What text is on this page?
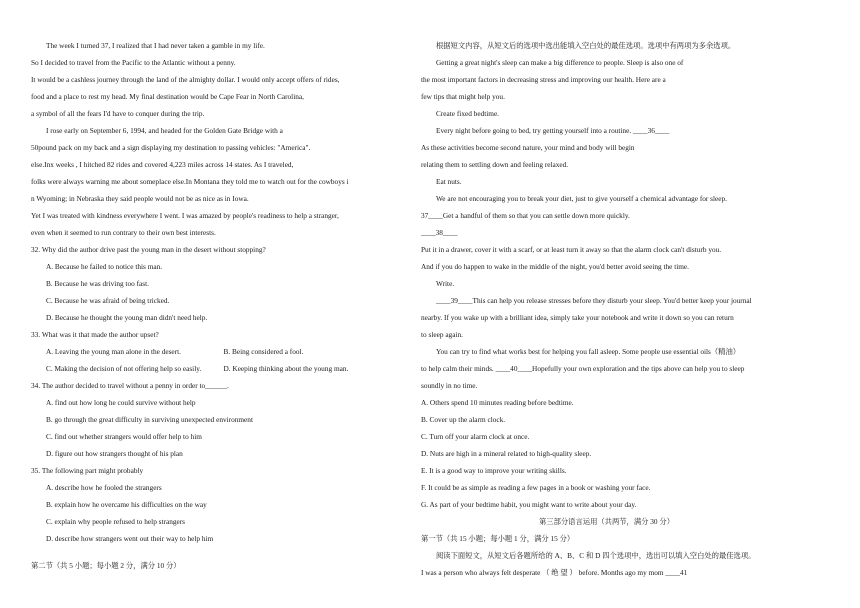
The week I turned 37, I realized that I had never taken a gamble in my life.
So I decided to travel from the Pacific to the Atlantic without a penny.
It would be a cashless journey through the land of the almighty dollar. I would only accept offers of rides,
food and a place to rest my head. My final destination would be Cape Fear in North Carolina,
a symbol of all the fears I'd have to conquer during the trip.
I rose early on September 6, 1994, and headed for the Golden Gate Bridge with a
50pound pack on my back and a sign displaying my destination to passing vehicles: "America".
else.Inx weeks , I hitched 82 rides and covered 4,223 miles across 14 states. As I traveled,
folks were always warning me about someplace else.In Montana they told me to watch out for the cowboys i
n Wyoming; in Nebraska they said people would not be as nice as in Iowa.
Yet I was treated with kindness everywhere I went. I was amazed by people's readiness to help a stranger,
even when it seemed to run contrary to their own best interests.
32. Why did the author drive past the young man in the desert without stopping?
A. Because he failed to notice this man.
B. Because he was driving too fast.
C. Because he was afraid of being tricked.
D. Because he thought the young man didn't need help.
33. What was it that made the author upset?
A. Leaving the young man alone in the desert.	B. Being considered a fool.
C. Making the decision of not offering help so easily.	D. Keeping thinking about the young man.
34. The author decided to travel without a penny in order to______.
A. find out how long he could survive without help
B. go through the great difficulty in surviving unexpected environment
C. find out whether strangers would offer help to him
D. figure out how strangers thought of his plan
35. The following part might probably
A. describe how he fooled the strangers
B. explain how he overcame his difficulties on the way
C. explain why people refused to help strangers
D. describe how strangers went out their way to help him
第二节（共 5 小题；每小题 2 分，满分 10 分）
根据短文内容，从短文后的选项中选出能填入空白处的最佳选项。选项中有两项为多余选项。
Getting a great night's sleep can make a big difference to people. Sleep is also one of
the most important factors in decreasing stress and improving our health. Here are a
few tips that might help you.
Create fixed bedtime.
Every night before going to bed, try getting yourself into a routine. ____36____
As these activities become second nature, your mind and body will begin
relating them to settling down and feeling relaxed.
Eat nuts.
We are not encouraging you to break your diet, just to give yourself a chemical advantage for sleep.
37____Get a handful of them so that you can settle down more quickly.
____38____
Put it in a drawer, cover it with a scarf, or at least turn it away so that the alarm clock can't disturb you.
And if you do happen to wake in the middle of the night, you'd better avoid seeing the time.
Write.
____39____This can help you release stresses before they disturb your sleep. You'd better keep your journal
nearby. If you wake up with a brilliant idea, simply take your notebook and write it down so you can return
to sleep again.
You can try to find what works best for helping you fall asleep. Some people use essential oils（精油）
to help calm their minds. ____40____Hopefully your own exploration and the tips above can help you to sleep
soundly in no time.
A. Others spend 10 minutes reading before bedtime.
B. Cover up the alarm clock.
C. Turn off your alarm clock at once.
D. Nuts are high in a mineral related to high-quality sleep.
E. It is a good way to improve your writing skills.
F. It could be as simple as reading a few pages in a book or washing your face.
G. As part of your bedtime habit, you might want to write about your day.
第三部分语言运用（共两节，满分 30 分）
第一节（共 15 小题；每小题 1 分，满分 15 分）
阅读下面短文，从短文后各题所给的 A、B、C 和 D 四个选项中，选出可以填入空白处的最佳选项。
I was a person who always felt desperate （ 绝 望 ） before. Months ago my mom ____41
